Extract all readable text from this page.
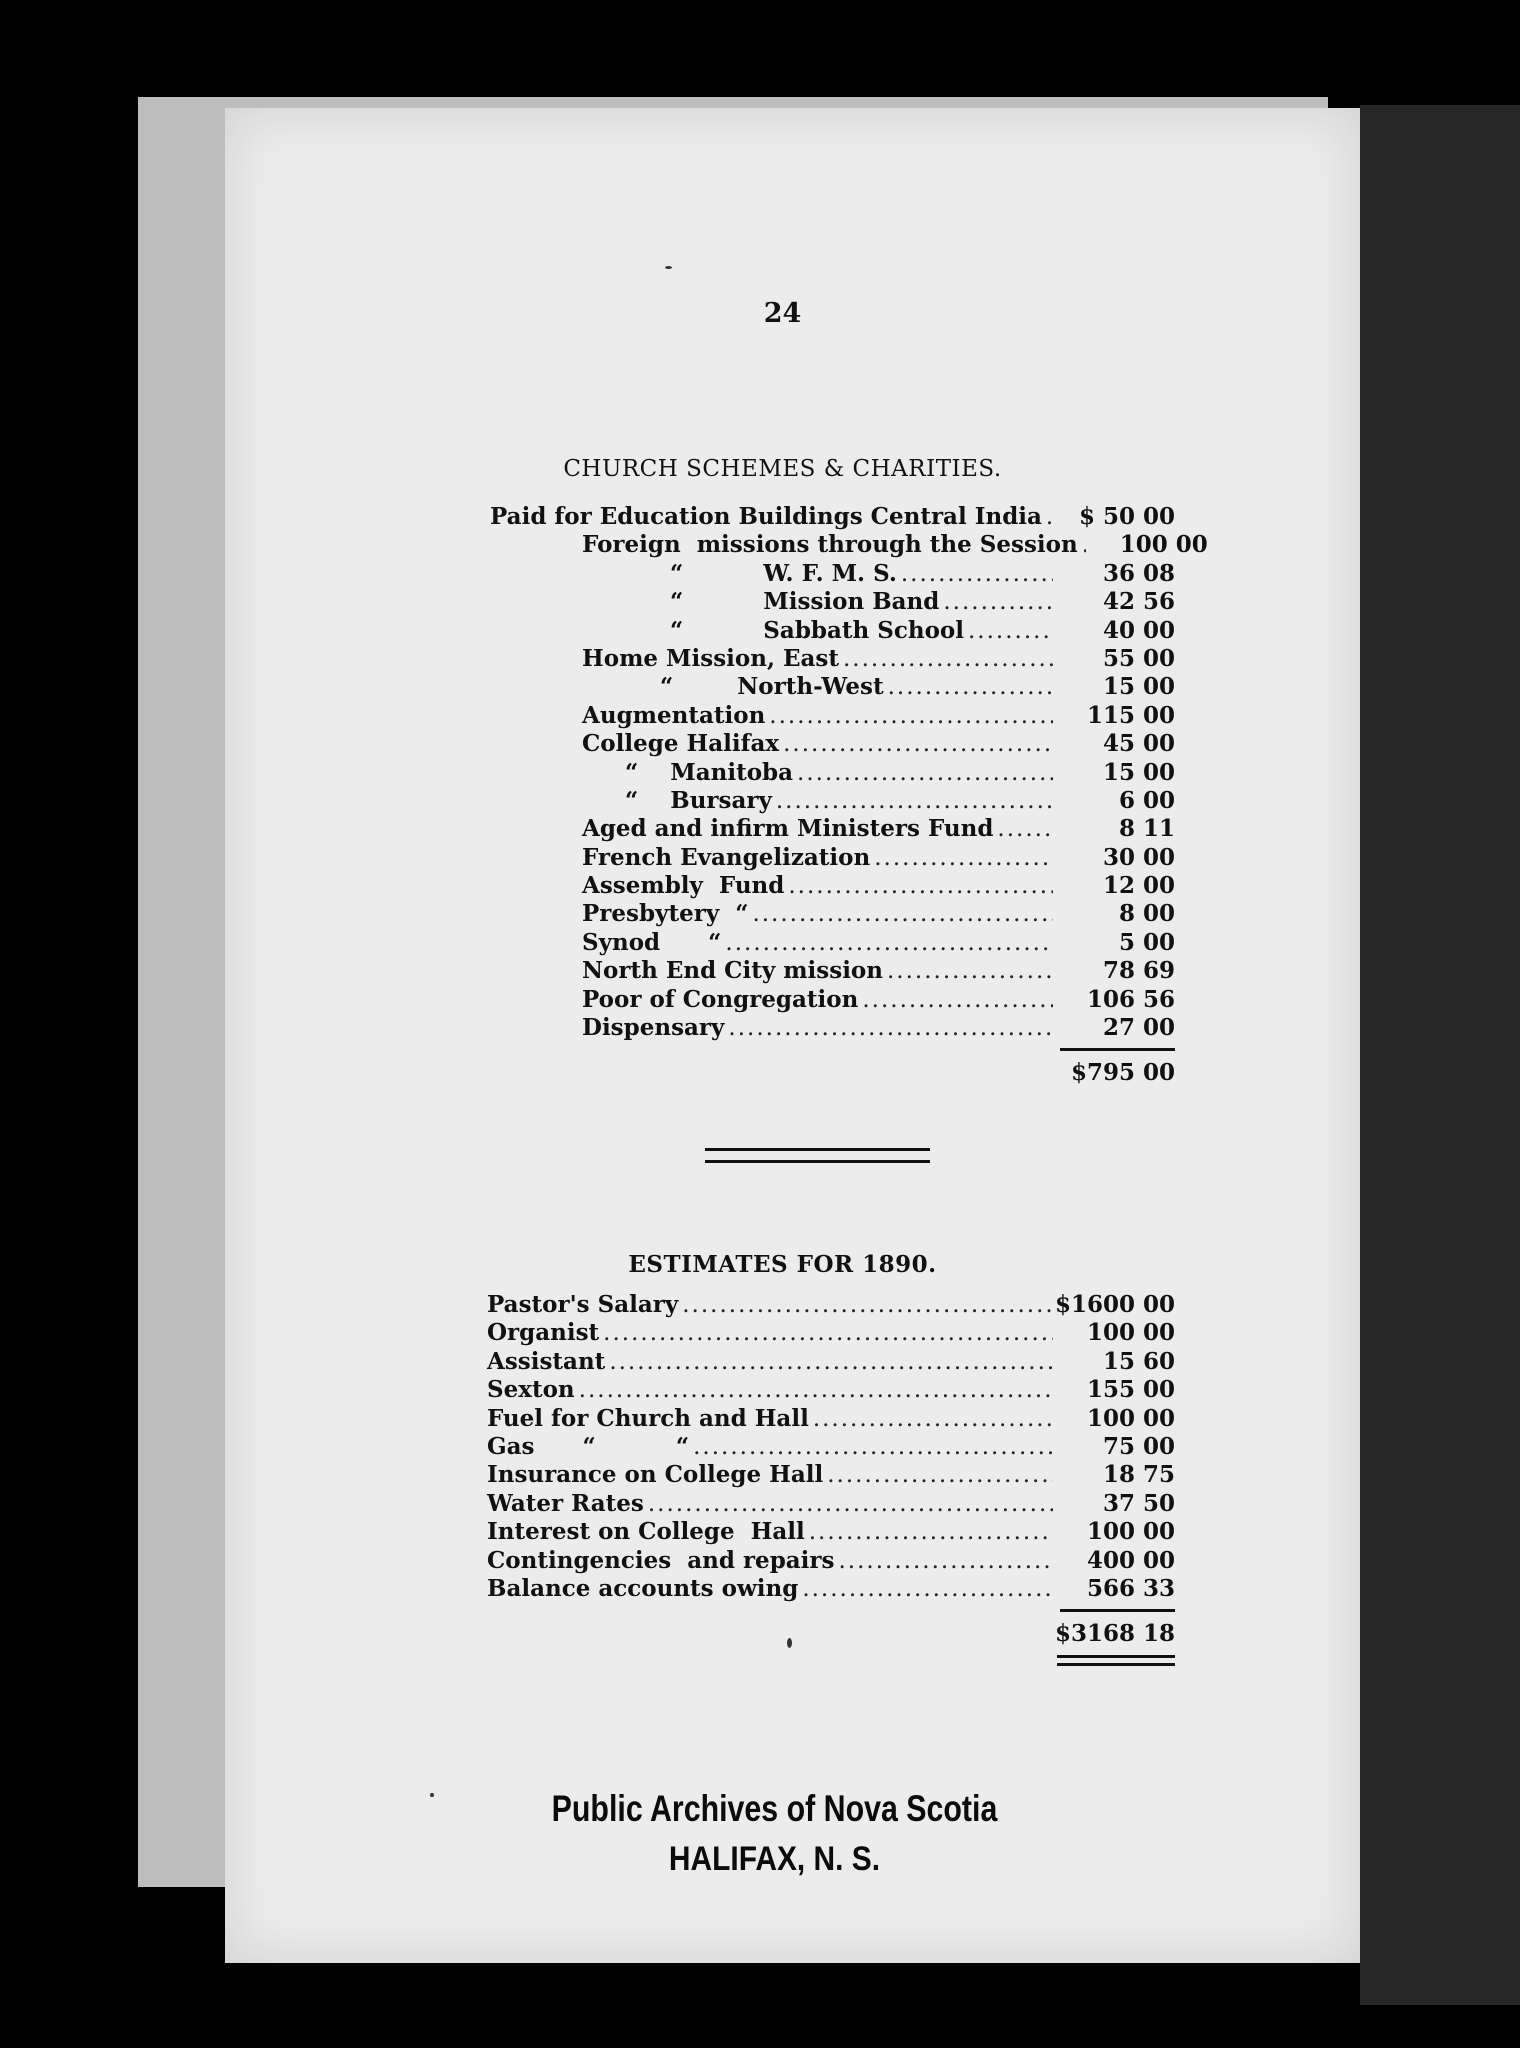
24
CHURCH SCHEMES & CHARITIES.
Paid for Education Buildings Central India .....	$ 50 00
Foreign  missions through the Session .....	100 00
“          W. F. M. S. .....	36 08
“          Mission Band .....	42 56
“          Sabbath School .....	40 00
Home Mission, East .....	55 00
“        North-West .....	15 00
Augmentation .....	115 00
College Halifax .....	45 00
“    Manitoba .....	15 00
“    Bursary .....	6 00
Aged and infirm Ministers Fund .....	8 11
French Evangelization .....	30 00
Assembly  Fund .....	12 00
Presbytery  “ .....	8 00
Synod      “ .....	5 00
North End City mission .....	78 69
Poor of Congregation .....	106 56
Dispensary .....	27 00
$795 00
ESTIMATES FOR 1890.
Pastor's Salary .....	$1600 00
Organist .....	100 00
Assistant .....	15 60
Sexton .....	155 00
Fuel for Church and Hall .....	100 00
Gas      “          “ .....	75 00
Insurance on College Hall .....	18 75
Water Rates .....	37 50
Interest on College  Hall .....	100 00
Contingencies  and repairs .....	400 00
Balance accounts owing .....	566 33
$3168 18
Public Archives of Nova Scotia
HALIFAX, N. S.
